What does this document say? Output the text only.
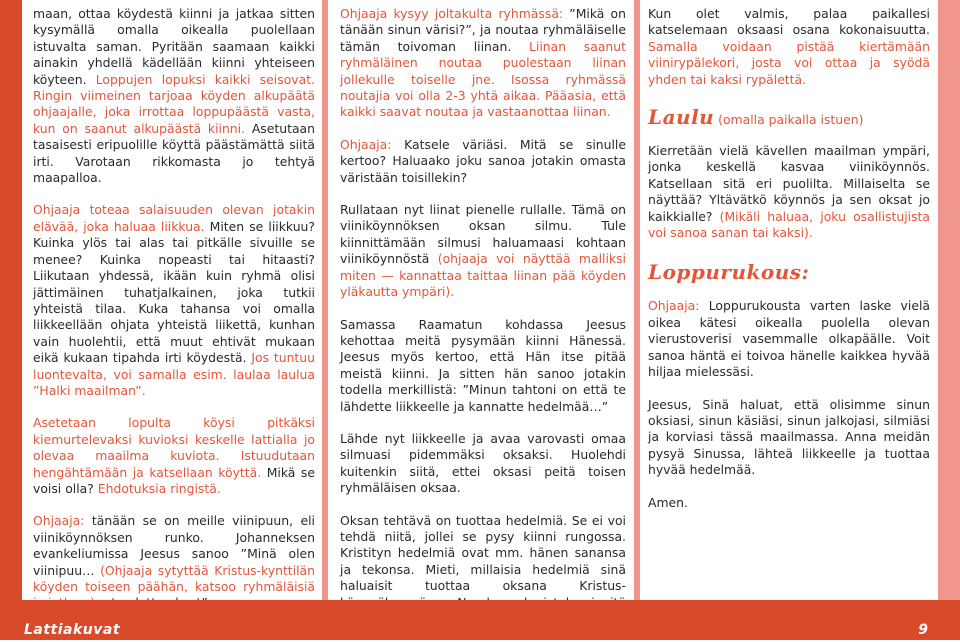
maan, ottaa köydestä kiinni ja jatkaa sitten kysymällä omalla oikealla puolellaan istuvalta saman. Pyritään saamaan kaikki ainakin yhdellä kädellään kiinni yhteiseen köyteen. Loppujen lopuksi kaikki seisovat. Ringin viimeinen tarjoaa köyden alkupäätä ohjaajalle, joka irrottaa loppupäästä vasta, kun on saanut alkupäästä kiinni. Asetutaan tasaisesti eripuolille köyttä päästämättä siitä irti. Varotaan rikkomasta jo tehtyä maapalloa.

Ohjaaja toteaa salaisuuden olevan jotakin elävää, joka haluaa liikkua. Miten se liikkuu? Kuinka ylös tai alas tai pitkälle sivuille se menee? Kuinka nopeasti tai hitaasti? Liikutaan yhdessä, ikään kuin ryhmä olisi jättimäinen tuhatjalkainen, joka tutkii yhteistä tilaa. Kuka tahansa voi omalla liikkeellään ohjata yhteistä liikettä, kunhan vain huolehtii, että muut ehtivät mukaan eikä kukaan tipahda irti köydestä. Jos tuntuu luontevalta, voi samalla esim. laulaa laulua ”Halki maailman”.

Asetetaan lopulta köysi pitkäksi kiemurtelevaksi kuvioksi keskelle lattialla jo olevaa maailma kuviota. Istuudutaan hengähtämään ja katsellaan köyttä. Mikä se voisi olla? Ehdotuksia ringistä.

Ohjaaja: tänään se on meille viinipuun, eli viiniköynnöksen runko. Johanneksen evankeliumissa Jeesus sanoo ”Minä olen viinipuu… (Ohjaaja sytyttää Kristus-kynttilän köyden toiseen päähän, katsoo ryhmäläisiä

Ohjaaja kysyy joltakulta ryhmässä: ”Mikä on tänään sinun värisi?”, ja noutaa ryhmäläiselle tämän toivoman liinan. Liinan saanut ryhmäläinen noutaa puolestaan liinan jollekulle toiselle jne. Isossa ryhmässä noutajia voi olla 2-3 yhtä aikaa. Pääasia, että kaikki saavat noutaa ja vastaanottaa liinan.

Ohjaaja: Katsele väriäsi. Mitä se sinulle kertoo? Haluaako joku sanoa jotakin omasta väristään toisillekin?

Rullataan nyt liinat pienelle rullalle. Tämä on viiniköynnöksen oksan silmu. Tule kiinnittämään silmusi haluamaasi kohtaan viiniköynnöstä (ohjaaja voi näyttää malliksi miten — kannattaa taittaa liinan pää köyden yläkautta ympäri).

Samassa Raamatun kohdassa Jeesus kehottaa meitä pysymään kiinni Hänessä. Jeesus myös kertoo, että Hän itse pitää meistä kiinni. Ja sitten hän sanoo jotakin todella merkillistä: ”Minun tahtoni on että te lähdette liikkeelle ja kannatte hedelmää…”

Lähde nyt liikkeelle ja avaa varovasti omaa silmuasi pidemmäksi oksaksi. Huolehdi kuitenkin siitä, ettei oksasi peitä toisen ryhmäläisen oksaa.

Oksan tehtävä on tuottaa hedelmiä. Se ei voi tehdä niitä, jollei se pysy kiinni rungossa. Kristityn hedelmiä ovat mm. hänen sanansa ja tekonsa. Mieti, millaisia hedelmiä sinä haluaisit tuottaa oksana Kristus-

Kun olet valmis, palaa paikallesi katselemaan oksaasi osana kokonaisuutta. Samalla voidaan pistää kiertämään viinirypälekori, josta voi ottaa ja syödä yhden tai kaksi rypälettä.

Laulu (omalla paikalla istuen)

Kierretään vielä kävellen maailman ympäri, jonka keskellä kasvaa viiniköynnös. Katsellaan sitä eri puolilta. Millaiselta se näyttää? Yltävätkö köynnös ja sen oksat jo kaikkialle? (Mikäli haluaa, joku osallistujista voi sanoa sanan tai kaksi).

Loppurukous:

Ohjaaja: Loppurukousta varten laske vielä oikea kätesi oikealla puolella olevan vierustoverisi vasemmalle olkapäälle. Voit sanoa häntä ei toivoa hänelle kaikkea hyvää hiljaa mielessäsi.

Jeesus, Sinä haluat, että olisimme sinun oksiasi, sinun käsiäsi, sinun jalkojasi, silmiäsi ja korviasi tässä maailmassa. Anna meidän pysyä Sinussa, lähteä liikkeelle ja tuottaa hyvää hedelmää.

Amen.

Lattiakuvat	9
